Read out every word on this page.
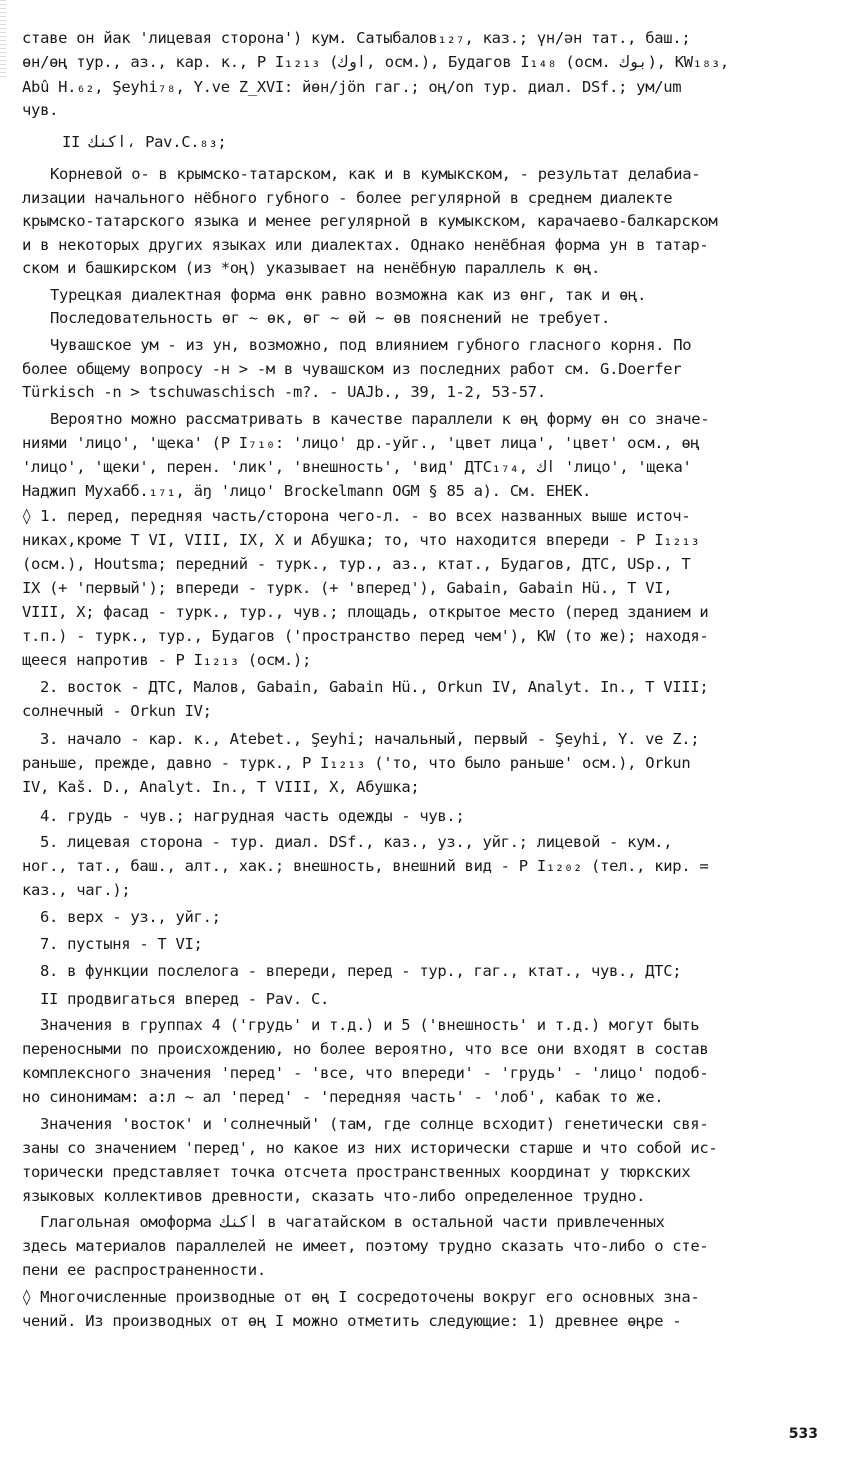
ставе он йак 'лицевая сторона') кум. Сатыбалов₁₂₇, каз.; үн/ән тат., баш.;
өн/өң тур., аз., кар. к., Р I₁₂₁₃ (اوك, осм.), Будагов I₁₄₈ (осм. بوك), KW₁₈₃,
Abû H.₆₂, Şeyhi₇₈, Y.ve Z_XVI: йөн/jön гаг.; оң/on тур. диал. DSf.; ум/um
чув.
II اكنك، Pav.C.₈₃;
Корневой о- в крымско-татарском, как и в кумыкском, - результат делабиа-
лизации начального нёбного губного - более регулярной в среднем диалекте
крымско-татарского языка и менее регулярной в кумыкском, карачаево-балкарском
и в некоторых других языках или диалектах. Однако ненёбная форма ун в татар-
ском и башкирском (из *оң) указывает на ненёбную параллель к өң.
Турецкая диалектная форма өнк равно возможна как из өнг, так и өң.
Последовательность өг ~ өк, өг ~ өй ~ өв пояснений не требует.
Чувашское ум - из ун, возможно, под влиянием губного гласного корня. По
более общему вопросу -н > -м в чувашском из последних работ см. G.Doerfer
Türkisch -n > tschuwaschisch -m?. - UAJb., 39, 1-2, 53-57.
Вероятно можно рассматривать в качестве параллели к өң форму өн со значе-
ниями 'лицо', 'щека' (Р I₇₁₀: 'лицо' др.-уйг., 'цвет лица', 'цвет' осм., өң
'лицо', 'щеки', перен. 'лик', 'внешность', 'вид' ДТС₁₇₄, اك 'лицо', 'щека'
Наджип Мухабб.₁₇₁, äŋ 'лицо' Brockelmann OGM § 85 a). См. ЕНЕК.
◊ 1. перед, передняя часть/сторона чего-л. - во всех названных выше источ-
никах,кроме Т VI, VIII, IX, X и Абушка; то, что находится впереди - Р I₁₂₁₃
(осм.), Houtsma; передний - турк., тур., аз., ктат., Будагов, ДТС, USp., Т
IX (+ 'первый'); впереди - турк. (+ 'вперед'), Gabain, Gabain Hü., Т VI,
VIII, X; фасад - турк., тур., чув.; площадь, открытое место (перед зданием и
т.п.) - турк., тур., Будагов ('пространство перед чем'), KW (то же); находя-
щееся напротив - Р I₁₂₁₃ (осм.);
2. восток - ДТС, Малов, Gabain, Gabain Hü., Orkun IV, Analyt. In., T VIII;
солнечный - Orkun IV;
3. начало - кар. к., Atebet., Şeyhi; начальный, первый - Şeyhi, Y. ve Z.;
раньше, прежде, давно - турк., Р I₁₂₁₃ ('то, что было раньше' осм.), Orkun
IV, Kaš. D., Analyt. In., T VIII, X, Абушка;
4. грудь - чув.; нагрудная часть одежды - чув.;
5. лицевая сторона - тур. диал. DSf., каз., уз., уйг.; лицевой - кум.,
ног., тат., баш., алт., хак.; внешность, внешний вид - Р I₁₂₀₂ (тел., кир. =
каз., чаг.);
6. верх - уз., уйг.;
7. пустыня - Т VI;
8. в функции послелога - впереди, перед - тур., гаг., ктат., чув., ДТС;
II продвигаться вперед - Pav. C.
Значения в группах 4 ('грудь' и т.д.) и 5 ('внешность' и т.д.) могут быть
переносными по происхождению, но более вероятно, что все они входят в состав
комплексного значения 'перед' - 'все, что впереди' - 'грудь' - 'лицо' подоб-
но синонимам: а:л ~ ал 'перед' - 'передняя часть' - 'лоб', кабак то же.
Значения 'восток' и 'солнечный' (там, где солнце всходит) генетически свя-
заны со значением 'перед', но какое из них исторически старше и что собой ис-
торически представляет точка отсчета пространственных координат у тюркских
языковых коллективов древности, сказать что-либо определенное трудно.
Глагольная омоформа اكنك в чагатайском в остальной части привлеченных
здесь материалов параллелей не имеет, поэтому трудно сказать что-либо о сте-
пени ее распространенности.
◊ Многочисленные производные от өң I сосредоточены вокруг его основных зна-
чений. Из производных от өң I можно отметить следующие: 1) древнее өңре -
533
